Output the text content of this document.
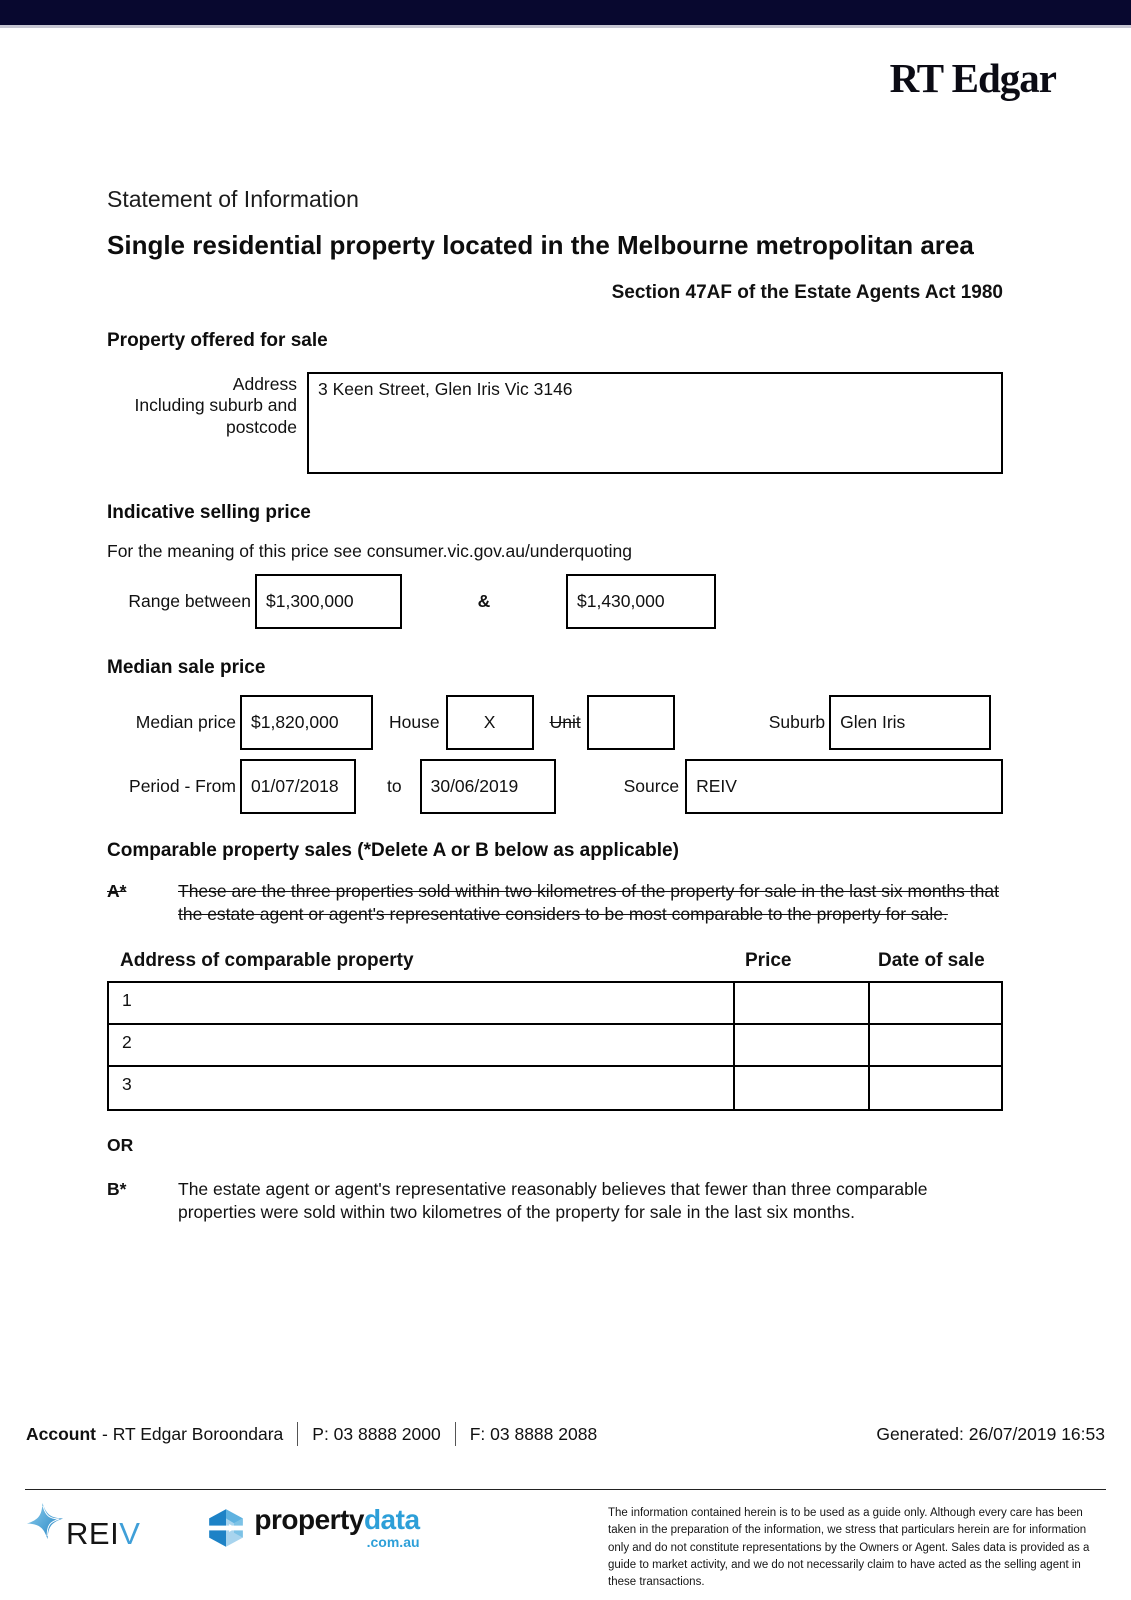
RT Edgar
Statement of Information
Single residential property located in the Melbourne metropolitan area
Section 47AF of the Estate Agents Act 1980
Property offered for sale
Address
Including suburb and
postcode
3 Keen Street, Glen Iris Vic 3146
Indicative selling price
For the meaning of this price see consumer.vic.gov.au/underquoting
Range between $1,300,000	&	$1,430,000
Median sale price
Median price $1,820,000	House	X	Unit	Suburb Glen Iris
Period - From 01/07/2018	to 30/06/2019	Source REIV
Comparable property sales (*Delete A or B below as applicable)
A*	These are the three properties sold within two kilometres of the property for sale in the last six months that the estate agent or agent's representative considers to be most comparable to the property for sale.
Address of comparable property	Price	Date of sale
1
2
3
OR
B*	The estate agent or agent's representative reasonably believes that fewer than three comparable properties were sold within two kilometres of the property for sale in the last six months.
Account - RT Edgar Boroondara P: 03 8888 2000 F: 03 8888 2088	Generated: 26/07/2019 16:53
REIV	propertydata
.com.au
The information contained herein is to be used as a guide only. Although every care has been taken in the preparation of the information, we stress that particulars herein are for information only and do not constitute representations by the Owners or Agent. Sales data is provided as a guide to market activity, and we do not necessarily claim to have acted as the selling agent in these transactions.
